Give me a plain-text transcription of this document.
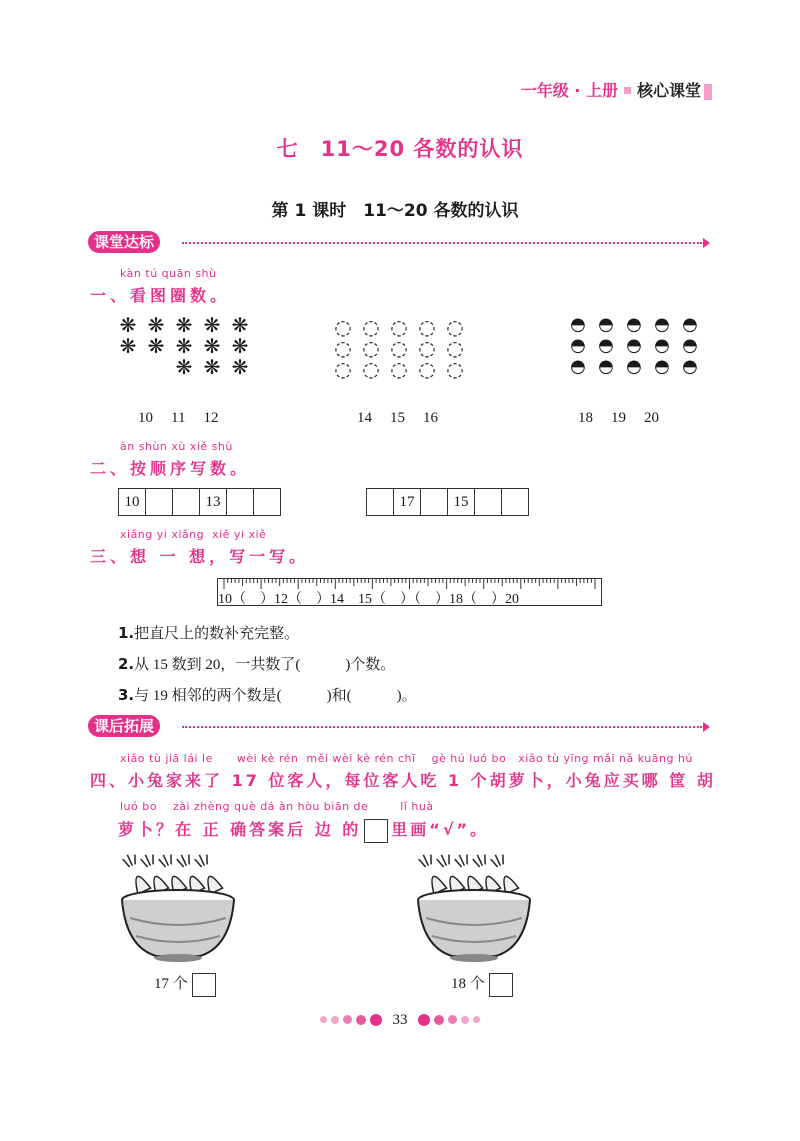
一年级 · 上册 核心课堂
七　11～20 各数的认识
第 1 课时　11～20 各数的认识
课堂达标
kàn tú quān shù
一、看图圈数。
❋ ❋ ❋ ❋ ❋
❋ ❋ ❋ ❋ ❋
❋ ❋ ❋
◌ ◌ ◌ ◌ ◌
◌ ◌ ◌ ◌ ◌
◌ ◌ ◌ ◌ ◌
◓ ◓ ◓ ◓ ◓
◓ ◓ ◓ ◓ ◓
◓ ◓ ◓ ◓ ◓
10 11 12	14 15 16	18 19 20
àn shùn xù xiě shù
二、按顺序写数。
10	13	17	15
xiǎng yi xiǎng  xiě yi xiě
三、想 一 想，写一写。
10（　）12（　）14　15（　）（　）18（　）20
1.把直尺上的数补充完整。
2.从 15 数到 20，一共数了(　　　)个数。
3.与 19 相邻的两个数是(　　　)和(　　　)。
课后拓展
xiǎo tù jiā lái le      wèi kè rén  měi wèi kè rén chī    gè hú luó bo   xiǎo tù yīng mǎi nǎ kuāng hú
四、小兔家来了 17 位客人，每位客人吃 1 个胡萝卜，小兔应买哪 筐 胡
luó bo    zài zhèng què dá àn hòu biān de        lǐ huà
萝卜？在 正 确答案后 边 的 里画“√”。
17 个	18 个
33
